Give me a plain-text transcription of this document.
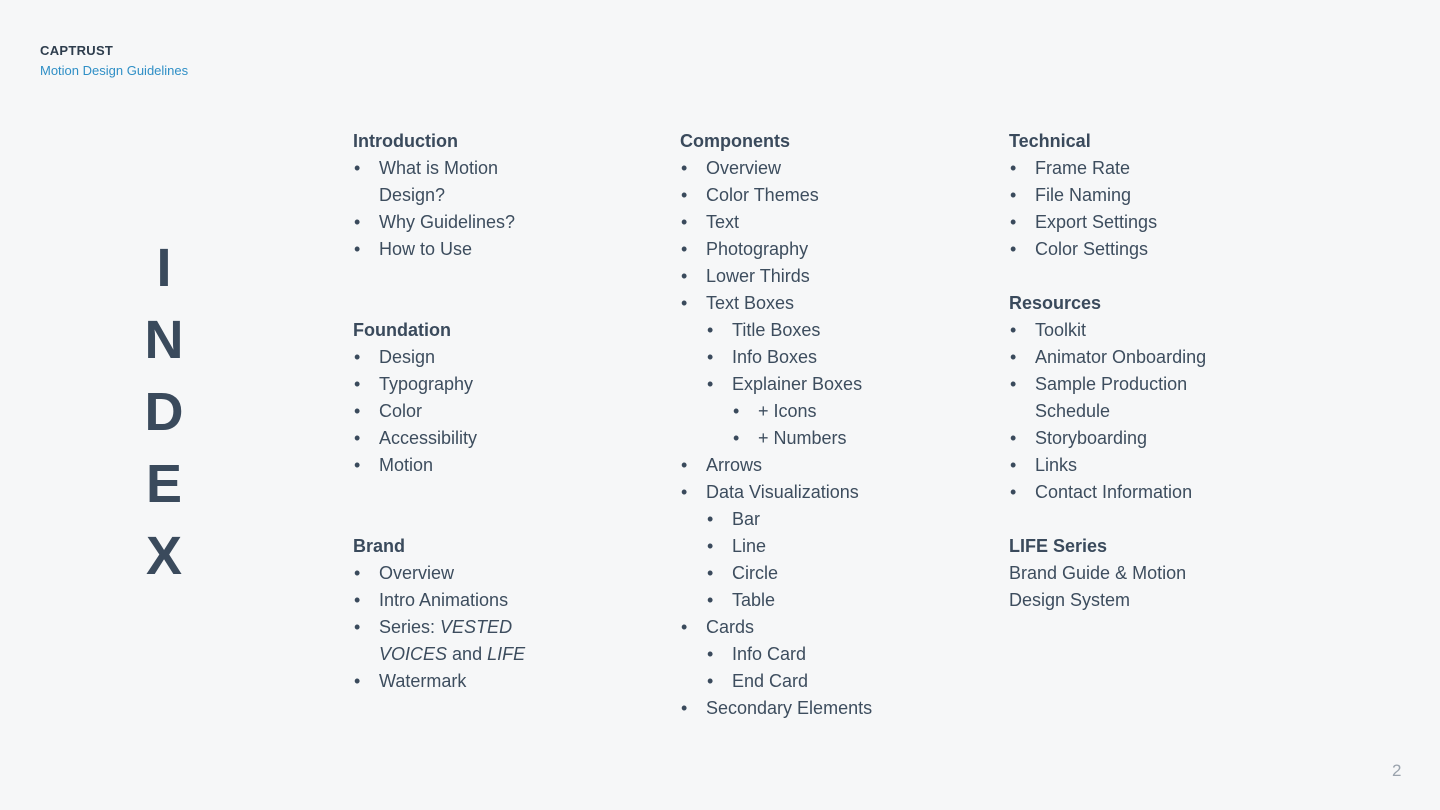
CAPTRUST
Motion Design Guidelines
I
N
D
E
X
Introduction
• What is Motion Design?
• Why Guidelines?
• How to Use
Foundation
• Design
• Typography
• Color
• Accessibility
• Motion
Brand
• Overview
• Intro Animations
• Series: VESTED VOICES and LIFE
• Watermark
Components
• Overview
• Color Themes
• Text
• Photography
• Lower Thirds
• Text Boxes
• Title Boxes
• Info Boxes
• Explainer Boxes
• + Icons
• + Numbers
• Arrows
• Data Visualizations
• Bar
• Line
• Circle
• Table
• Cards
• Info Card
• End Card
• Secondary Elements
Technical
• Frame Rate
• File Naming
• Export Settings
• Color Settings
Resources
• Toolkit
• Animator Onboarding
• Sample Production Schedule
• Storyboarding
• Links
• Contact Information
LIFE Series
Brand Guide & Motion Design System
2
